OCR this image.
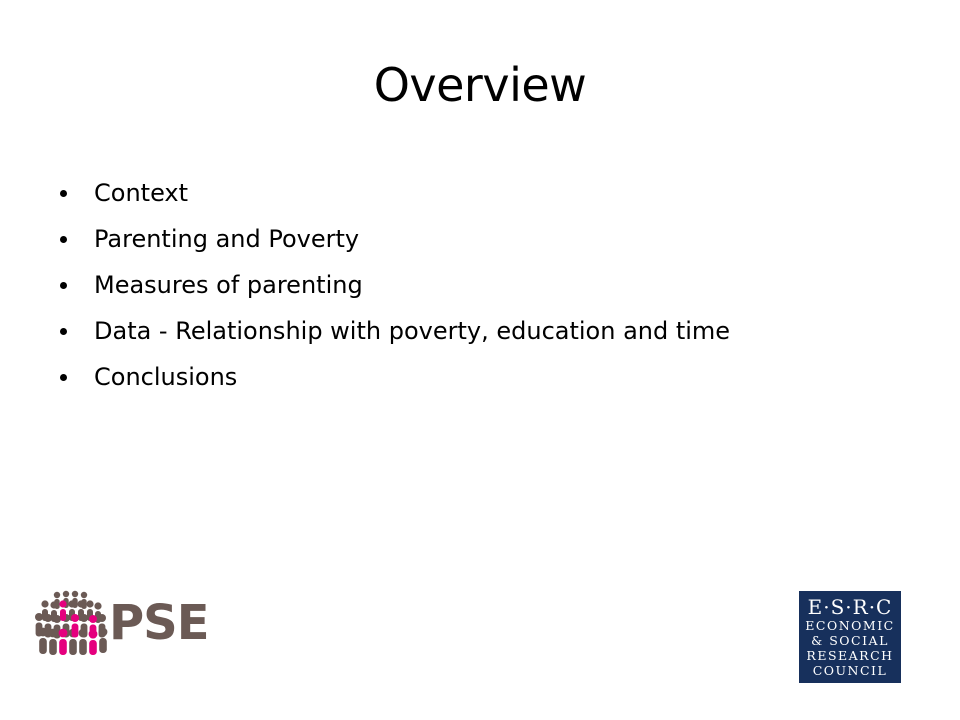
Overview
Context
Parenting and Poverty
Measures of parenting
Data - Relationship with poverty, education and time
Conclusions
PSE	E·S·R·C
ECONOMIC
& SOCIAL
RESEARCH
COUNCIL
